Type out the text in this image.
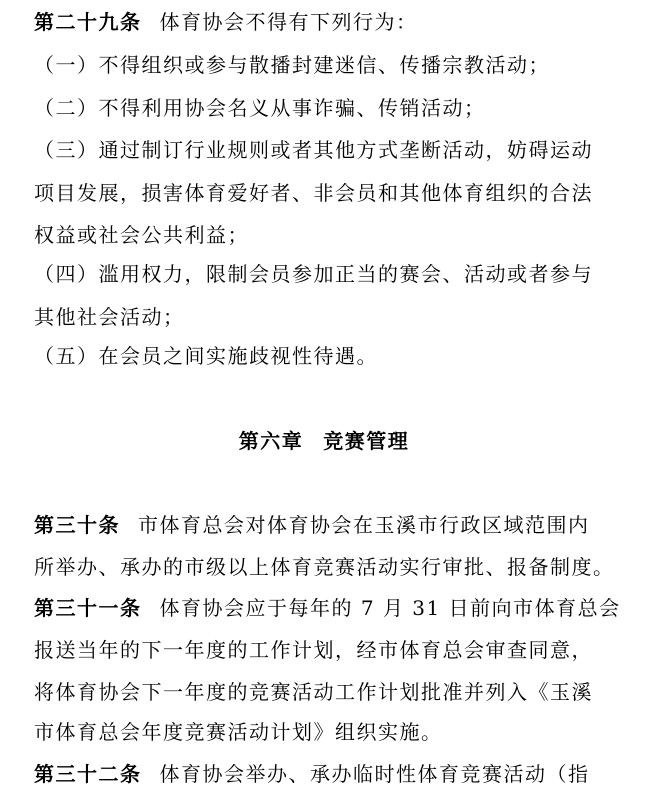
第二十九条 体育协会不得有下列行为：
（一）不得组织或参与散播封建迷信、传播宗教活动；
（二）不得利用协会名义从事诈骗、传销活动；
（三）通过制订行业规则或者其他方式垄断活动，妨碍运动
项目发展，损害体育爱好者、非会员和其他体育组织的合法
权益或社会公共利益；
（四）滥用权力，限制会员参加正当的赛会、活动或者参与
其他社会活动；
（五）在会员之间实施歧视性待遇。
第六章 竞赛管理
第三十条 市体育总会对体育协会在玉溪市行政区域范围内
所举办、承办的市级以上体育竞赛活动实行审批、报备制度。
第三十一条 体育协会应于每年的 7 月 31 日前向市体育总会
报送当年的下一年度的工作计划，经市体育总会审查同意，
将体育协会下一年度的竞赛活动工作计划批准并列入《玉溪
市体育总会年度竞赛活动计划》组织实施。
第三十二条 体育协会举办、承办临时性体育竞赛活动（指
